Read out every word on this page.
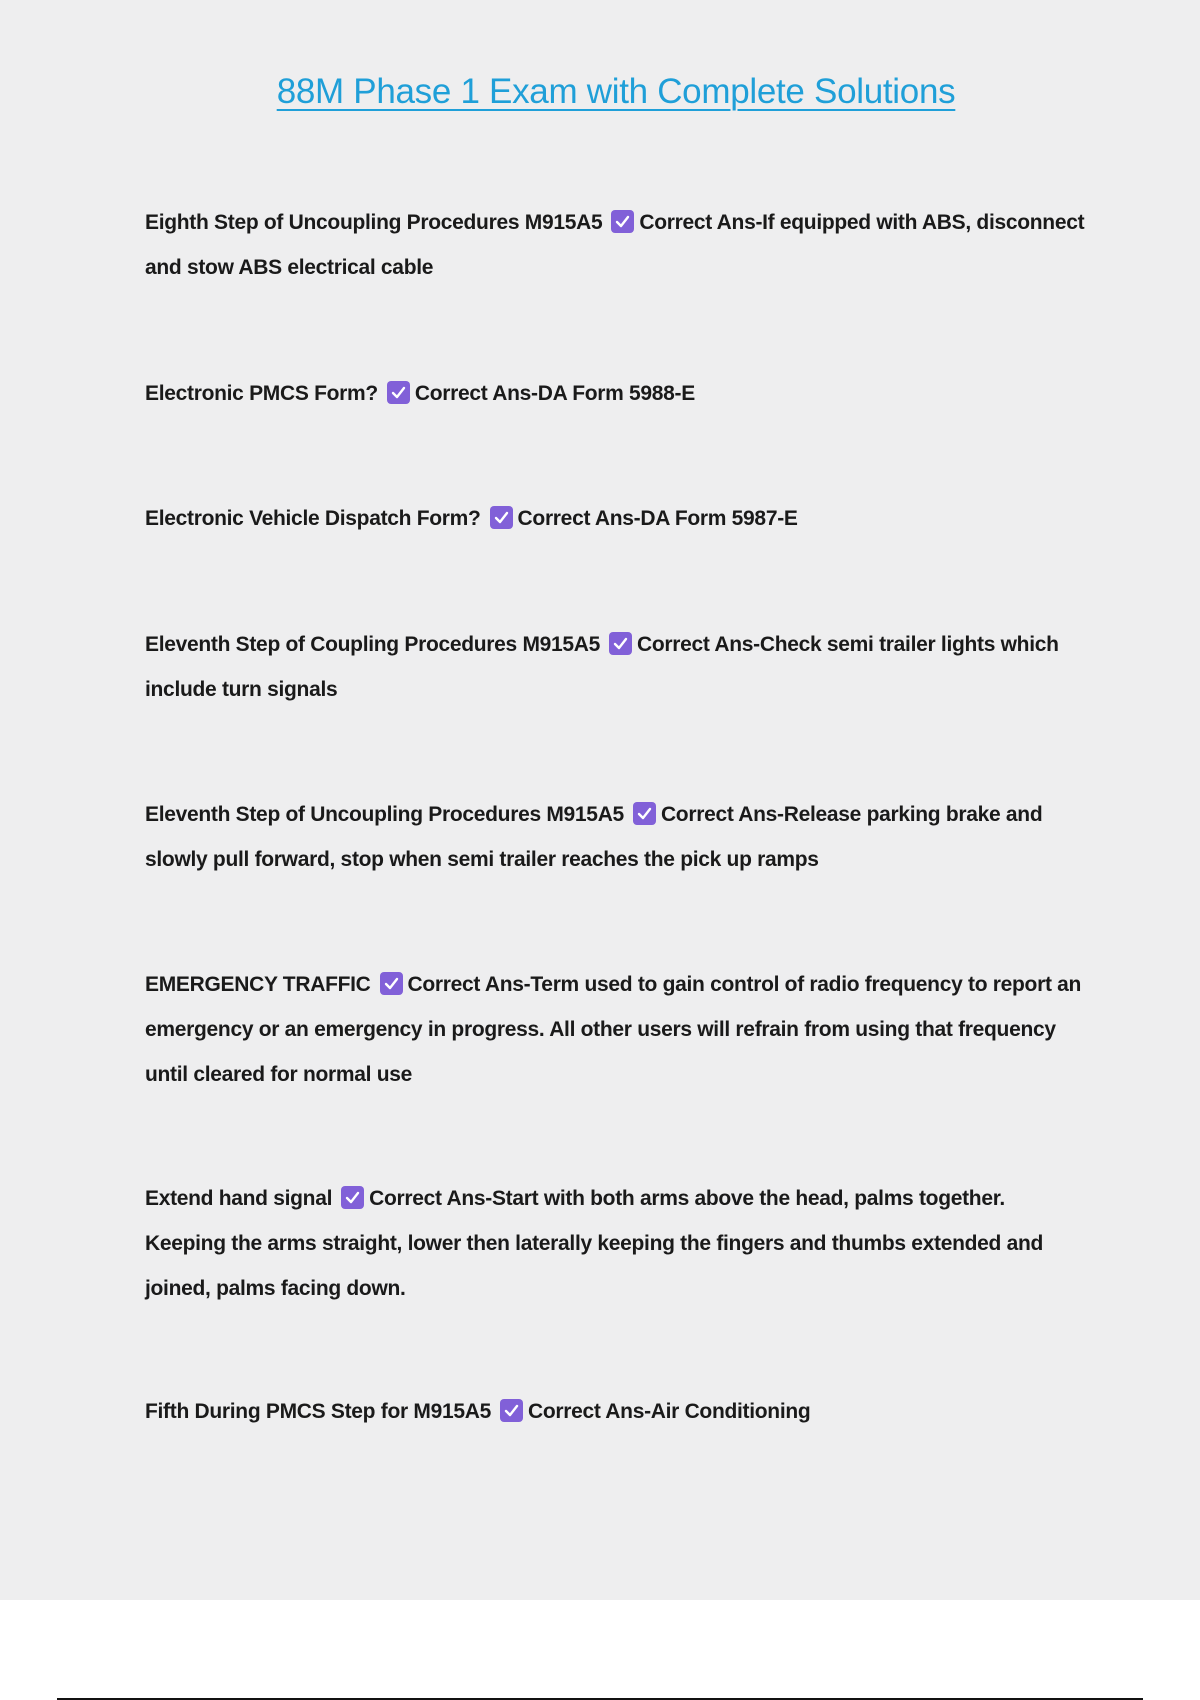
88M Phase 1 Exam with Complete Solutions
Eighth Step of Uncoupling Procedures M915A5 Correct Ans-If equipped with ABS, disconnect and stow ABS electrical cable
Electronic PMCS Form? Correct Ans-DA Form 5988-E
Electronic Vehicle Dispatch Form? Correct Ans-DA Form 5987-E
Eleventh Step of Coupling Procedures M915A5 Correct Ans-Check semi trailer lights which include turn signals
Eleventh Step of Uncoupling Procedures M915A5 Correct Ans-Release parking brake and slowly pull forward, stop when semi trailer reaches the pick up ramps
EMERGENCY TRAFFIC Correct Ans-Term used to gain control of radio frequency to report an emergency or an emergency in progress. All other users will refrain from using that frequency until cleared for normal use
Extend hand signal Correct Ans-Start with both arms above the head, palms together. Keeping the arms straight, lower then laterally keeping the fingers and thumbs extended and joined, palms facing down.
Fifth During PMCS Step for M915A5 Correct Ans-Air Conditioning
